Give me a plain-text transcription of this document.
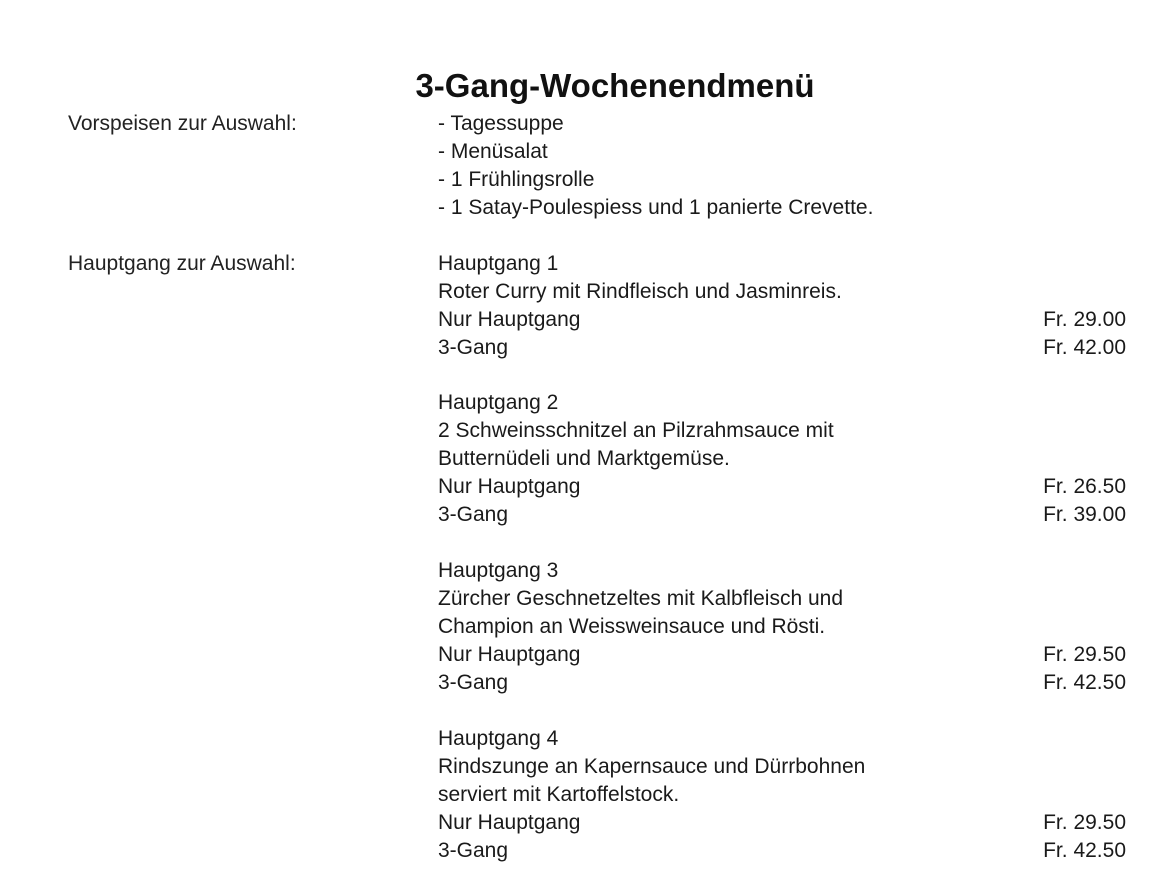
3-Gang-Wochenendmenü
Vorspeisen zur Auswahl:	- Tagessuppe
- Menüsalat
- 1 Frühlingsrolle
- 1 Satay-Poulespiess und 1 panierte Crevette.
Hauptgang zur Auswahl:	Hauptgang 1
Roter Curry mit Rindfleisch und Jasminreis.
Nur Hauptgang	Fr. 29.00
3-Gang	Fr. 42.00
Hauptgang 2
2 Schweinsschnitzel an Pilzrahmsauce mit
Butternüdeli und Marktgemüse.
Nur Hauptgang	Fr. 26.50
3-Gang	Fr. 39.00
Hauptgang 3
Zürcher Geschnetzeltes mit Kalbfleisch und
Champion an Weissweinsauce und Rösti.
Nur Hauptgang	Fr. 29.50
3-Gang	Fr. 42.50
Hauptgang 4
Rindszunge an Kapernsauce und Dürrbohnen
serviert mit Kartoffelstock.
Nur Hauptgang	Fr. 29.50
3-Gang	Fr. 42.50
